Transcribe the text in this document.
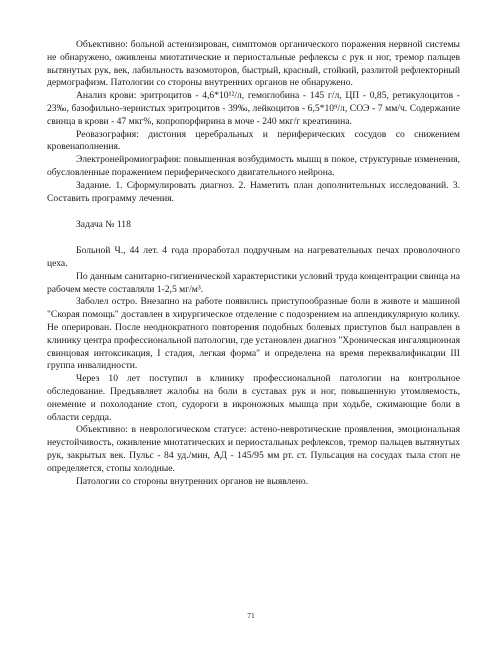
Объективно: больной астенизирован, симптомов органического поражения нервной системы не обнаружено, оживлены миотатические и периостальные рефлексы с рук и ног, тремор пальцев вытянутых рук, век, лабильность вазомоторов, быстрый, красный, стойкий, разлитой рефлекторный дермографизм. Патологии со стороны внутренних органов не обнаружено.

Анализ крови: эритроцитов - 4,6*10¹²/л, гемоглобина - 145 г/л, ЦП - 0,85, ретикулоцитов - 23‰, базофильно-зернистых эритроцитов - 39‰, лейкоцитов - 6,5*10⁹/л, СОЭ - 7 мм/ч. Содержание свинца в крови - 47 мкг%, копропорфирина в моче - 240 мкг/г креатинина.

Реовазография: дистония церебральных и периферических сосудов со снижением кровенаполнения.

Электронейромиография: повышенная возбудимость мышц в покое, структурные изменения, обусловленные поражением периферического двигательного нейрона.

Задание. 1. Сформулировать диагноз. 2. Наметить план дополнительных исследований. 3. Составить программу лечения.

Задача № 118

Больной Ч., 44 лет. 4 года проработал подручным на нагревательных печах проволочного цеха.

По данным санитарно-гигиенической характеристики условий труда концентрации свинца на рабочем месте составляли 1-2,5 мг/м³.

Заболел остро. Внезапно на работе появились приступообразные боли в животе и машиной "Скорая помощь" доставлен в хирургическое отделение с подозрением на аппендикулярную колику. Не оперирован. После неоднократного повторения подобных болевых приступов был направлен в клинику центра профессиональной патологии, где установлен диагноз "Хроническая ингаляционная свинцовая интоксикация, I стадия, легкая форма" и определена на время переквалификации III группа инвалидности.

Через 10 лет поступил в клинику профессиональной патологии на контрольное обследование. Предъявляет жалобы на боли в суставах рук и ног, повышенную утомляемость, онемение и похолодание стоп, судороги в икроножных мышца при ходьбе, сжимающие боли в области сердца.

Объективно: в неврологическом статусе: астено-невротические проявления, эмоциональная неустойчивость, оживление миотатических и периостальных рефлексов, тремор пальцев вытянутых рук, закрытых век. Пульс - 84 уд./мин, АД - 145/95 мм рт. ст. Пульсация на сосудах тыла стоп не определяется, стопы холодные.

Патологии со стороны внутренних органов не выявлено.

71
